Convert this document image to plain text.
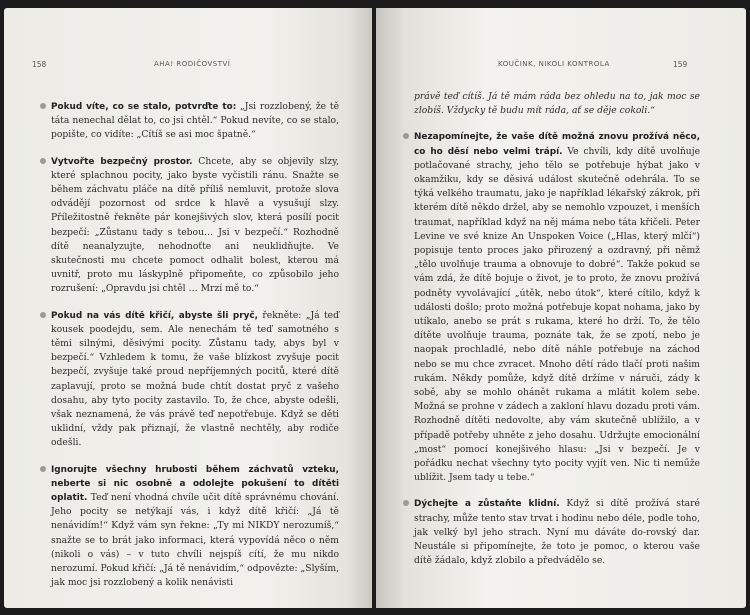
158	AHA! RODIČOVSTVÍ

Pokud víte, co se stalo, potvrďte to: „Jsi rozzlobený, že tě táta nenechal dělat to, co jsi chtěl.“ Pokud nevíte, co se stalo, popište, co vidíte: „Cítíš se asi moc špatně.“

Vytvořte bezpečný prostor. Chcete, aby se objevily slzy, které splachnou pocity, jako byste vyčistili ránu. Snažte se během záchvatu pláče na dítě příliš nemluvit, protože slova odvádějí pozornost od srdce k hlavě a vysušují slzy. Příležitostně řekněte pár konejšivých slov, která posílí pocit bezpečí: „Zůstanu tady s tebou… Jsi v bezpečí.“ Rozhodně dítě neanalyzujte, nehodnoťte ani neuklidňujte. Ve skutečnosti mu chcete pomoct odhalit bolest, kterou má uvnitř, proto mu láskyplně připomeňte, co způsobilo jeho rozrušení: „Opravdu jsi chtěl … Mrzí mě to.“

Pokud na vás dítě křičí, abyste šli pryč, řekněte: „Já teď kousek poodejdu, sem. Ale nenechám tě teď samotného s těmi silnými, děsivými pocity. Zůstanu tady, abys byl v bezpečí.“ Vzhledem k tomu, že vaše blízkost zvyšuje pocit bezpečí, zvyšuje také proud nepříjemných pocitů, které dítě zaplavují, proto se možná bude chtít dostat pryč z vašeho dosahu, aby tyto pocity zastavilo. To, že chce, abyste odešli, však neznamená, že vás právě teď nepotřebuje. Když se děti uklidní, vždy pak přiznají, že vlastně nechtěly, aby rodiče odešli.

Ignorujte všechny hrubosti během záchvatů vzteku, neberte si nic osobně a odolejte pokušení to dítěti oplatit. Teď není vhodná chvíle učit dítě správnému chování. Jeho pocity se netýkají vás, i když dítě křičí: „Já tě nenávidím!“ Když vám syn řekne: „Ty mi NIKDY nerozumíš,“ snažte se to brát jako informaci, která vypovídá něco o něm (nikoli o vás) – v tuto chvíli nejspíš cítí, že mu nikdo nerozumí. Pokud křičí: „Já tě nenávidím,“ odpovězte: „Slyším, jak moc jsi rozzlobený a kolik nenávisti

KOUČINK, NIKOLI KONTROLA	159

právě teď cítíš. Já tě mám ráda bez ohledu na to, jak moc se zlobíš. Vždycky tě budu mít ráda, ať se děje cokoli.“

Nezapomínejte, že vaše dítě možná znovu prožívá něco, co ho děsí nebo velmi trápí. Ve chvíli, kdy dítě uvolňuje potlačované strachy, jeho tělo se potřebuje hýbat jako v okamžiku, kdy se děsivá událost skutečně odehrála. To se týká velkého traumatu, jako je například lékařský zákrok, při kterém dítě někdo držel, aby se nemohlo vzpouzet, i menších traumat, například když na něj máma nebo táta křičeli. Peter Levine ve své knize An Unspoken Voice („Hlas, který mlčí“) popisuje tento proces jako přirozený a ozdravný, při němž „tělo uvolňuje trauma a obnovuje to dobré“. Takže pokud se vám zdá, že dítě bojuje o život, je to proto, že znovu prožívá podněty vyvolávající „útěk, nebo útok“, které cítilo, když k události došlo; proto možná potřebuje kopat nohama, jako by utíkalo, anebo se prát s rukama, které ho drží. To, že tělo dítěte uvolňuje trauma, poznáte tak, že se zpotí, nebo je naopak prochladlé, nebo dítě náhle potřebuje na záchod nebo se mu chce zvracet. Mnoho dětí rádo tlačí proti našim rukám. Někdy pomůže, když dítě držíme v náruči, zády k sobě, aby se mohlo ohánět rukama a mlátit kolem sebe. Možná se prohne v zádech a zakloní hlavu dozadu proti vám. Rozhodně dítěti nedovolte, aby vám skutečně ublížilo, a v případě potřeby uhněte z jeho dosahu. Udržujte emocionální „most“ pomocí konejšivého hlasu: „Jsi v bezpečí. Je v pořádku nechat všechny tyto pocity vyjít ven. Nic ti neműže ublížit. Jsem tady u tebe.“

Dýchejte a zůstaňte klidní. Když si dítě prožívá staré strachy, může tento stav trvat i hodinu nebo déle, podle toho, jak velký byl jeho strach. Nyní mu dáváte do-rovský dar. Neustále si připomínejte, že toto je pomoc, o kterou vaše dítě žádalo, když zlobilo a předvádělo se.
